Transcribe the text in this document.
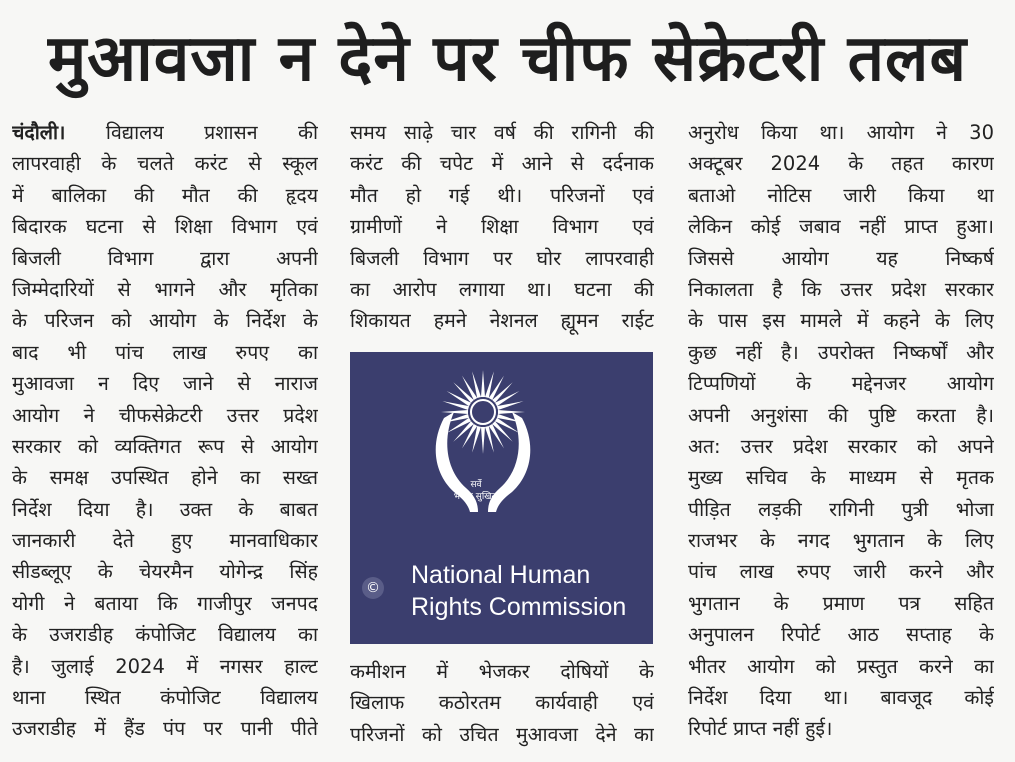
मुआवजा न देने पर चीफ सेक्रेटरी तलब
चंदौली। विद्यालय प्रशासन की
लापरवाही के चलते करंट से स्कूल
में बालिका की मौत की हृदय
बिदारक घटना से शिक्षा विभाग एवं
बिजली विभाग द्वारा अपनी
जिम्मेदारियों से भागने और मृतिका
के परिजन को आयोग के निर्देश के
बाद भी पांच लाख रुपए का
मुआवजा न दिए जाने से नाराज
आयोग ने चीफसेक्रेटरी उत्तर प्रदेश
सरकार को व्यक्तिगत रूप से आयोग
के समक्ष उपस्थित होने का सख्त
निर्देश दिया है। उक्त के बाबत
जानकारी देते हुए मानवाधिकार
सीडब्लूए के चेयरमैन योगेन्द्र सिंह
योगी ने बताया कि गाजीपुर जनपद
के उजराडीह कंपोजिट विद्यालय का
है। जुलाई 2024 में नगसर हाल्ट
थाना स्थित कंपोजिट विद्यालय
उजराडीह में हैंड पंप पर पानी पीते
समय साढ़े चार वर्ष की रागिनी की
करंट की चपेट में आने से दर्दनाक
मौत हो गई थी। परिजनों एवं
ग्रामीणों ने शिक्षा विभाग एवं
बिजली विभाग पर घोर लापरवाही
का आरोप लगाया था। घटना की
शिकायत हमने नेशनल ह्यूमन राईट
सर्वे
भवन्तु सुखिनः
© National Human
Rights Commission
कमीशन में भेजकर दोषियों के
खिलाफ कठोरतम कार्यवाही एवं
परिजनों को उचित मुआवजा देने का
अनुरोध किया था। आयोग ने 30
अक्टूबर 2024 के तहत कारण
बताओ नोटिस जारी किया था
लेकिन कोई जबाव नहीं प्राप्त हुआ।
जिससे आयोग यह निष्कर्ष
निकालता है कि उत्तर प्रदेश सरकार
के पास इस मामले में कहने के लिए
कुछ नहीं है। उपरोक्त निष्कर्षों और
टिप्पणियों के मद्देनजर आयोग
अपनी अनुशंसा की पुष्टि करता है।
अत: उत्तर प्रदेश सरकार को अपने
मुख्य सचिव के माध्यम से मृतक
पीड़ित लड़की रागिनी पुत्री भोजा
राजभर के नगद भुगतान के लिए
पांच लाख रुपए जारी करने और
भुगतान के प्रमाण पत्र सहित
अनुपालन रिपोर्ट आठ सप्ताह के
भीतर आयोग को प्रस्तुत करने का
निर्देश दिया था। बावजूद कोई
रिपोर्ट प्राप्त नहीं हुई।
